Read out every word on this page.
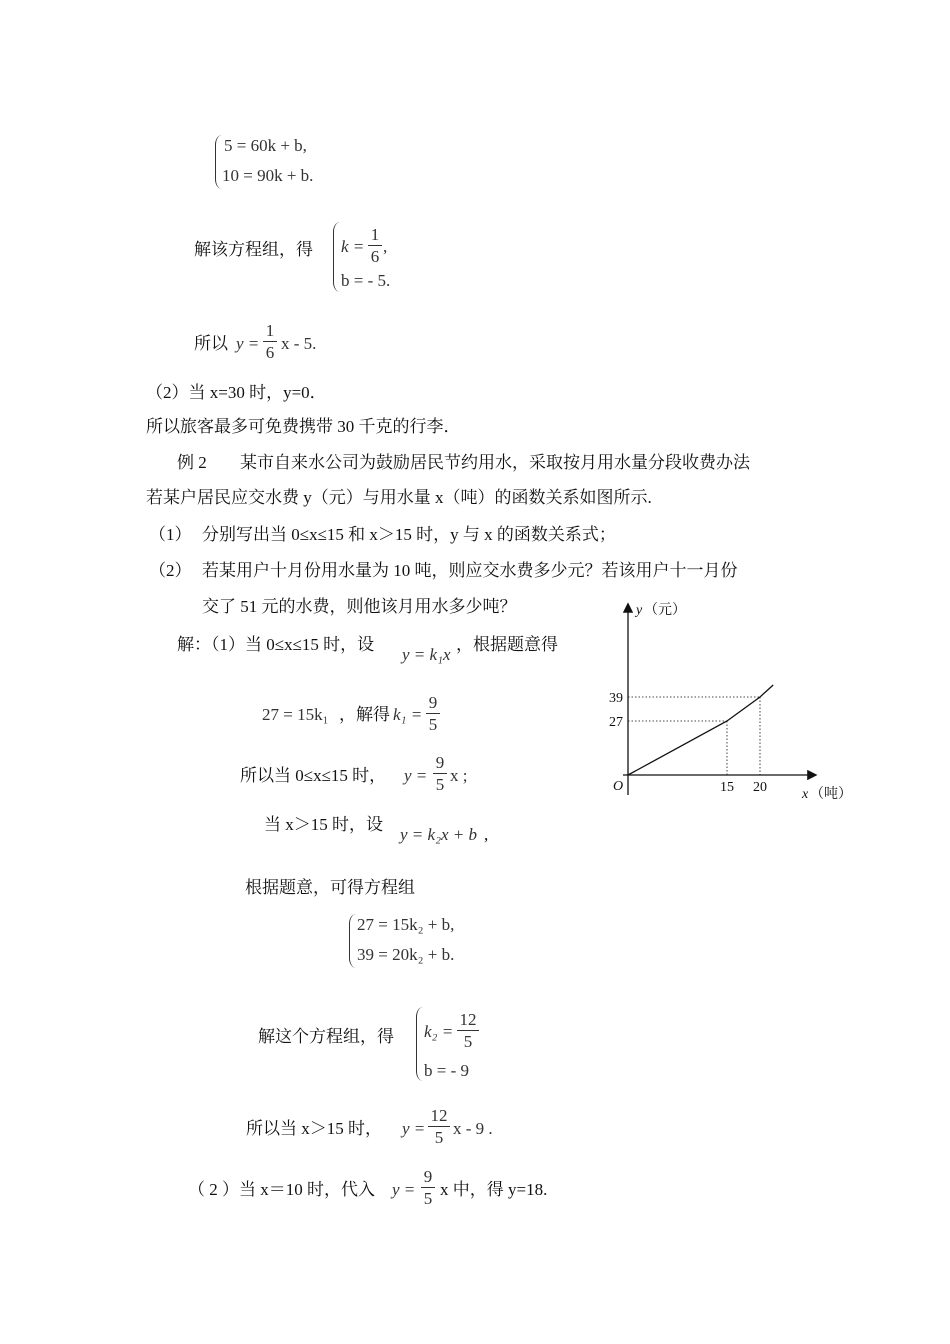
5 = 60k + b,
10 = 90k + b.
解该方程组，得 k =
1
6
,
b = - 5.
所以 y =
1
6 x - 5.
（2）当 x=30 时，y=0．
所以旅客最多可免费携带 30 千克的行李．
例 2 某市自来水公司为鼓励居民节约用水，采取按月用水量分段收费办法
若某户居民应交水费 y（元）与用水量 x（吨）的函数关系如图所示.
（1） 分别写出当 0≤x≤15 和 x＞15 时，y 与 x 的函数关系式；
（2） 若某用户十月份用水量为 10 吨，则应交水费多少元？若该用户十一月份
交了 51 元的水费，则他该月用水多少吨？
解：（1）当 0≤x≤15 时，设
y = k₁x
，根据题意得
27 = 15k₁ ，解得 k₁ =
9
5
所以当 0≤x≤15 时， y =
9
5 x ;
当 x＞15 时，设
y = k₂x + b ,
根据题意，可得方程组
27 = 15k₂ + b,
39 = 20k₂ + b.
解这个方程组，得 k₂ =
12
5
b = - 9
所以当 x＞15 时， y =
12
5 x - 9 .
（ 2 ）当 x＝10 时，代入 y =
9
5 x 中，得 y=18.
y （元）
x （吨）
O	15 20
27
39
